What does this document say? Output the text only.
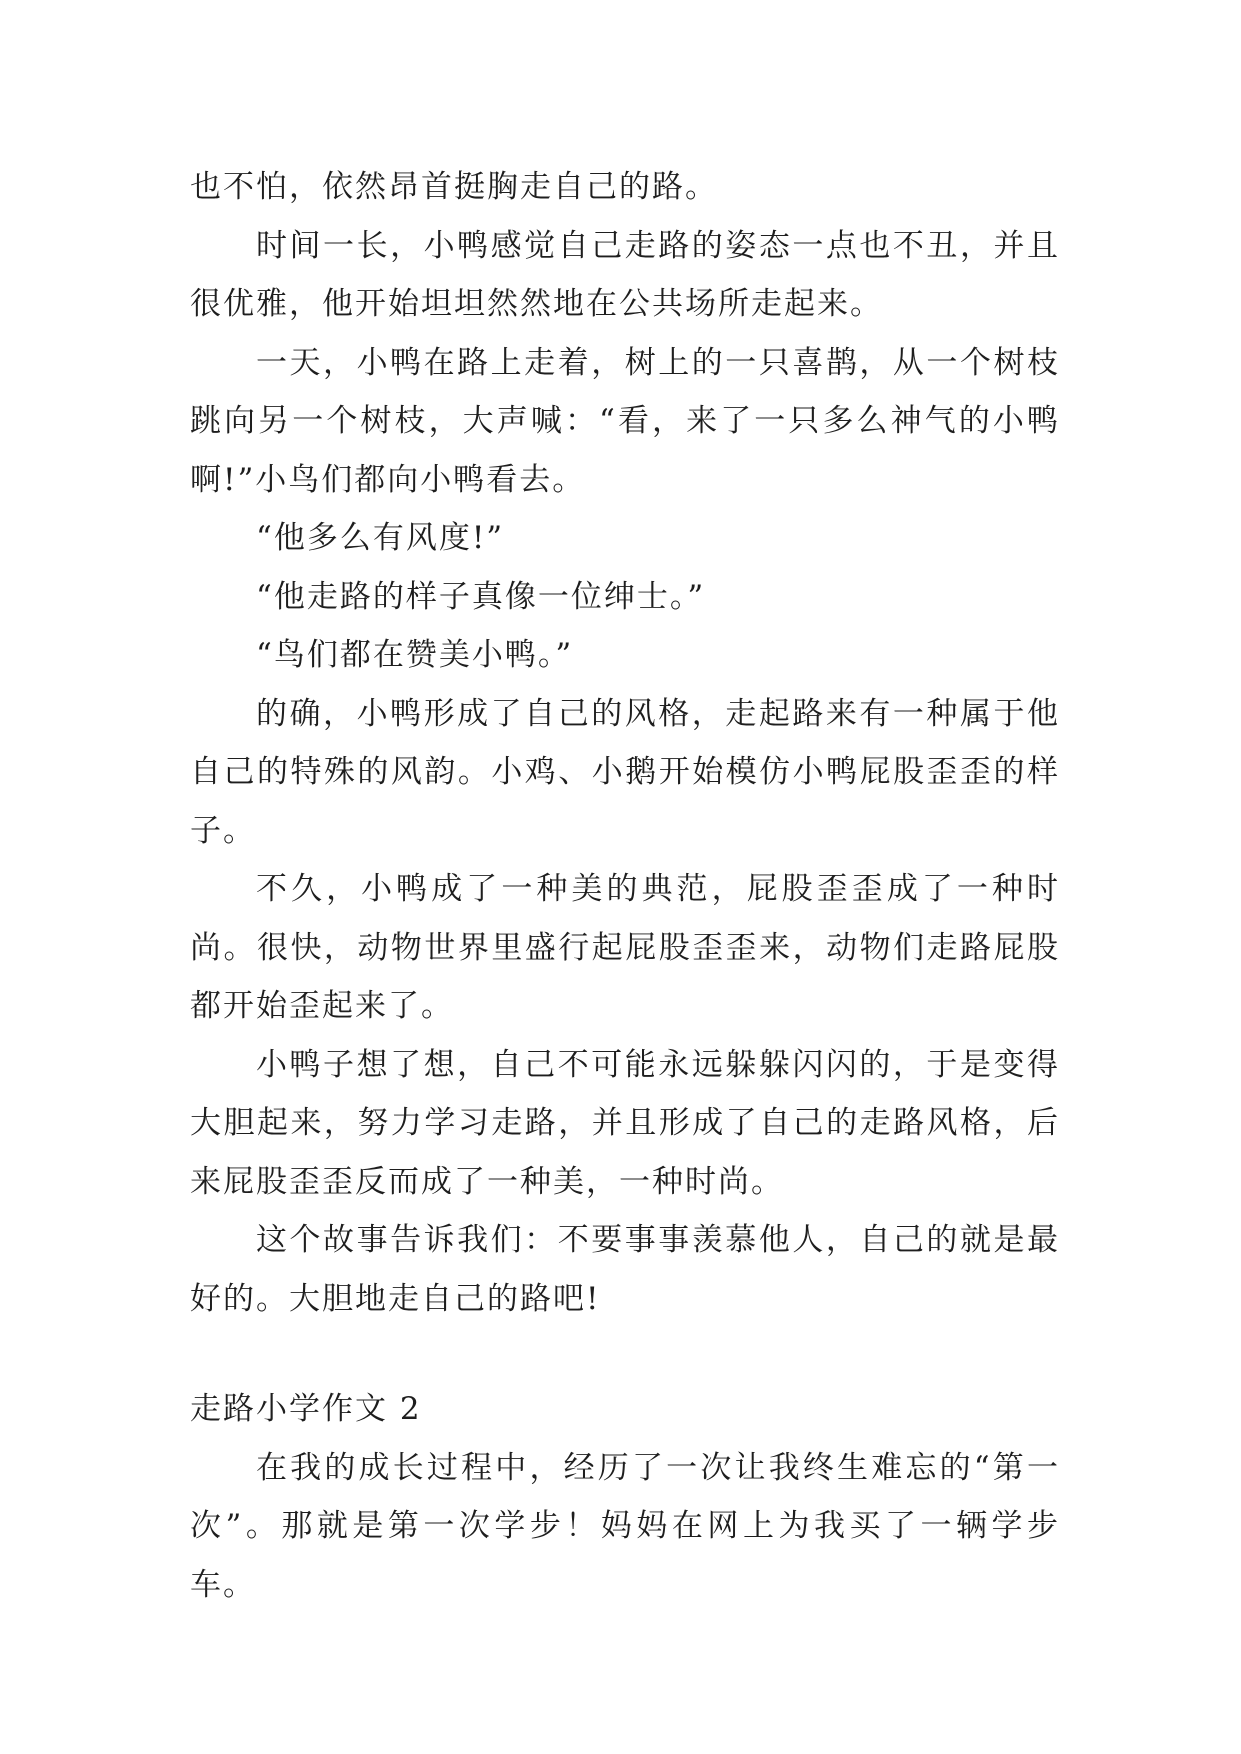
也不怕，依然昂首挺胸走自己的路。

时间一长，小鸭感觉自己走路的姿态一点也不丑，并且很优雅，他开始坦坦然然地在公共场所走起来。

一天，小鸭在路上走着，树上的一只喜鹊，从一个树枝跳向另一个树枝，大声喊：“看，来了一只多么神气的小鸭啊!”小鸟们都向小鸭看去。

“他多么有风度!”

“他走路的样子真像一位绅士。”

“鸟们都在赞美小鸭。”

的确，小鸭形成了自己的风格，走起路来有一种属于他自己的特殊的风韵。小鸡、小鹅开始模仿小鸭屁股歪歪的样子。

不久，小鸭成了一种美的典范，屁股歪歪成了一种时尚。很快，动物世界里盛行起屁股歪歪来，动物们走路屁股都开始歪起来了。

小鸭子想了想，自己不可能永远躲躲闪闪的，于是变得大胆起来，努力学习走路，并且形成了自己的走路风格，后来屁股歪歪反而成了一种美，一种时尚。

这个故事告诉我们：不要事事羡慕他人，自己的就是最好的。大胆地走自己的路吧!

走路小学作文 2

在我的成长过程中，经历了一次让我终生难忘的“第一次”。那就是第一次学步！妈妈在网上为我买了一辆学步车。
